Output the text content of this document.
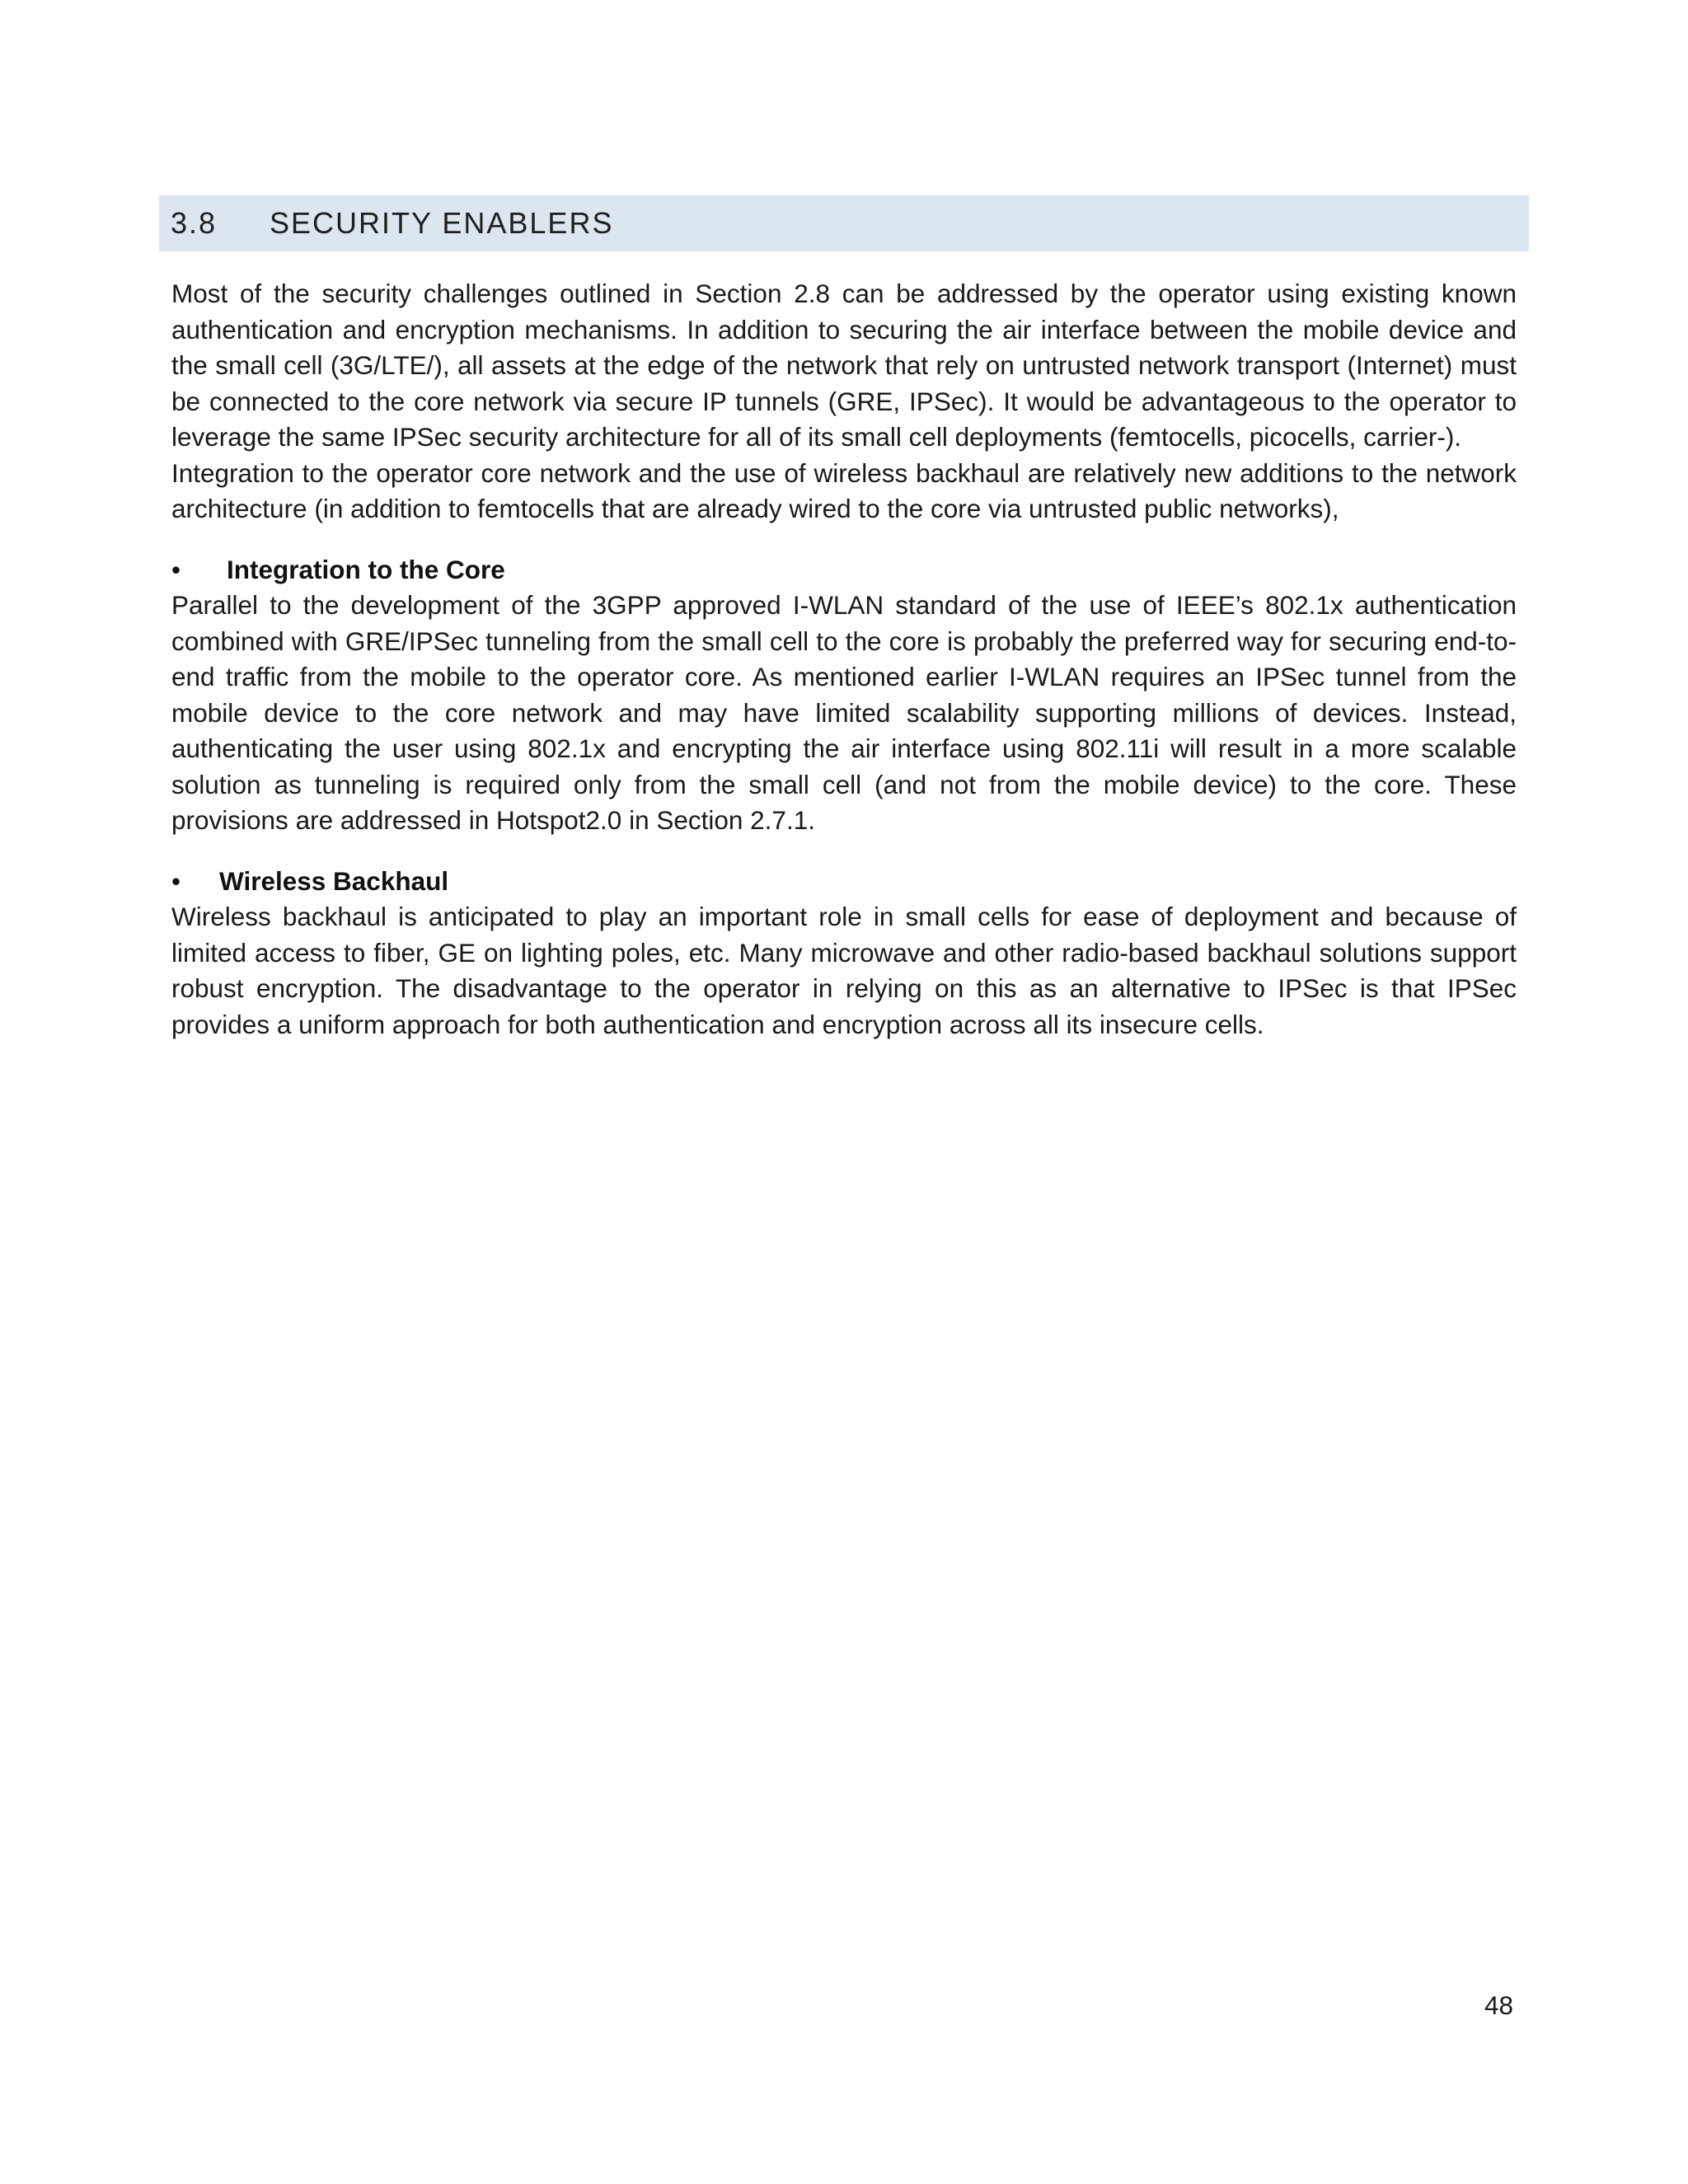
3.8	SECURITY ENABLERS

Most of the security challenges outlined in Section 2.8 can be addressed by the operator using existing known authentication and encryption mechanisms. In addition to securing the air interface between the mobile device and the small cell (3G/LTE/), all assets at the edge of the network that rely on untrusted network transport (Internet) must be connected to the core network via secure IP tunnels (GRE, IPSec). It would be advantageous to the operator to leverage the same IPSec security architecture for all of its small cell deployments (femtocells, picocells, carrier-).

Integration to the operator core network and the use of wireless backhaul are relatively new additions to the network architecture (in addition to femtocells that are already wired to the core via untrusted public networks),

•	Integration to the Core

Parallel to the development of the 3GPP approved I-WLAN standard of the use of IEEE’s 802.1x authentication combined with GRE/IPSec tunneling from the small cell to the core is probably the preferred way for securing end-to-end traffic from the mobile to the operator core. As mentioned earlier I-WLAN requires an IPSec tunnel from the mobile device to the core network and may have limited scalability supporting millions of devices. Instead, authenticating the user using 802.1x and encrypting the air interface using 802.11i will result in a more scalable solution as tunneling is required only from the small cell (and not from the mobile device) to the core. These provisions are addressed in Hotspot2.0 in Section 2.7.1.

•	Wireless Backhaul

Wireless backhaul is anticipated to play an important role in small cells for ease of deployment and because of limited access to fiber, GE on lighting poles, etc. Many microwave and other radio-based backhaul solutions support robust encryption. The disadvantage to the operator in relying on this as an alternative to IPSec is that IPSec provides a uniform approach for both authentication and encryption across all its insecure cells.

48
